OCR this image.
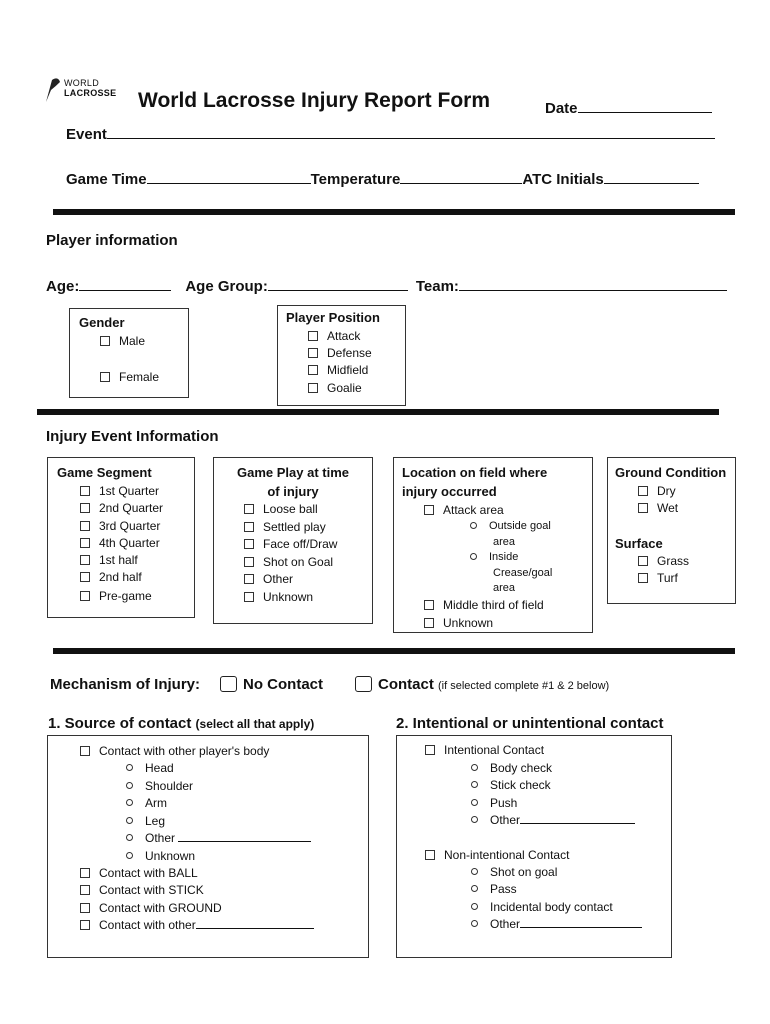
WORLD
LACROSSE World Lacrosse Injury Report Form	Date
Event
Game Time	Temperature	ATC Initials
Player information
Age:	Age Group:	Team:
Gender
Male
Female
Player Position
Attack
Defense
Midfield
Goalie
Injury Event Information
Game Segment
1st Quarter
2nd Quarter
3rd Quarter
4th Quarter
1st half
2nd half
Pre-game
Game Play at time
of injury
Loose ball
Settled play
Face off/Draw
Shot on Goal
Other
Unknown
Location on field where
injury occurred
Attack area
Outside goal
area
Inside
Crease/goal
area
Middle third of field
Unknown
Ground Condition
Dry
Wet
Surface
Grass
Turf
Mechanism of Injury:	No Contact	Contact (if selected complete #1 & 2 below)
1. Source of contact (select all that apply)
Contact with other player's body
Head
Shoulder
Arm
Leg
Other
Unknown
Contact with BALL
Contact with STICK
Contact with GROUND
Contact with other
2. Intentional or unintentional contact
Intentional Contact
Body check
Stick check
Push
Other
Non-intentional Contact
Shot on goal
Pass
Incidental body contact
Other
